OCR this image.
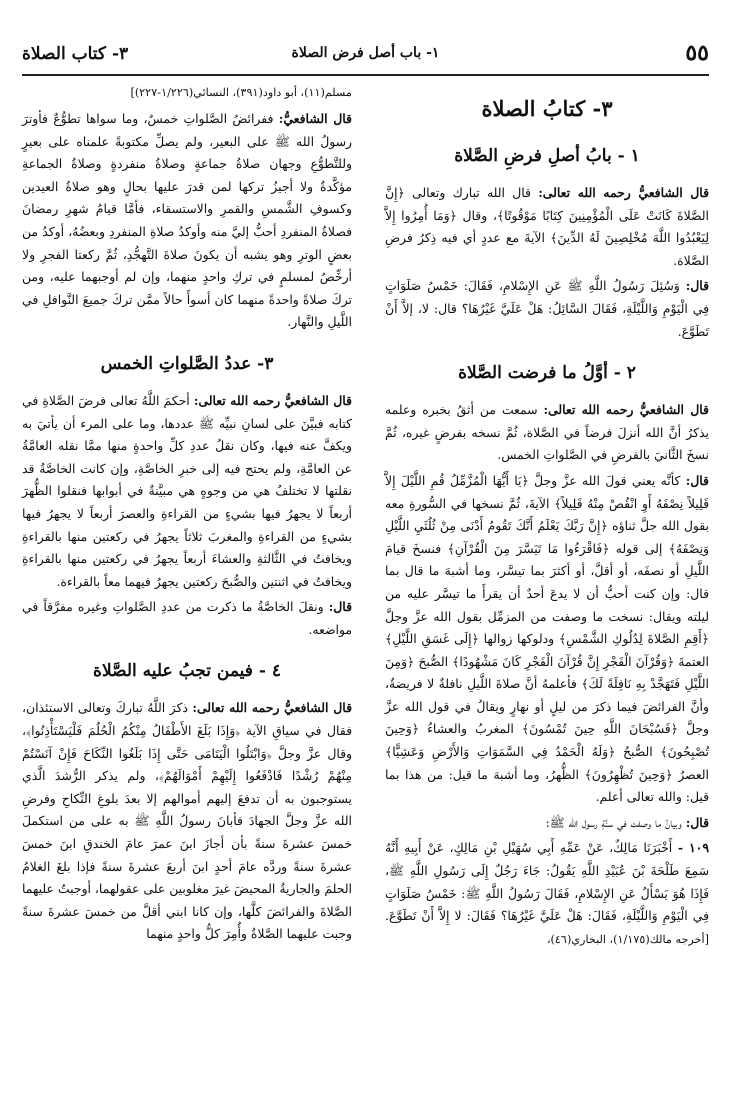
٣- كتاب الصلاة	١- باب أصل فرض الصلاة	٥٥
٣- كتابُ الصلاة
١ - بابُ أصلِ فرضِ الصَّلاة

قال الشافعيُّ رحمه الله تعالى: قال الله تبارك وتعالى ﴿إِنَّ الصَّلاةَ كَانَتْ عَلَى الْمُؤْمِنِينَ كِتَابًا مَوْقُوتًا﴾، وقال ﴿وَمَا أُمِرُوا إِلاَّ لِيَعْبُدُوا اللَّهَ مُخْلِصِينَ لَهُ الدِّينَ﴾ الآيةَ مع عددٍ أي فيه ذِكرُ فرضِ الصَّلاة.

قال: وَسُئِلَ رَسُولُ اللَّهِ ﷺ عَنِ الإِسْلامِ، فَقَالَ: خَمْسُ صَلَوَاتٍ فِي الْيَوْمِ وَاللَّيْلَةِ، فَقَالَ السَّائِلُ: هَلْ عَلَيَّ غَيْرُهَا؟ قال: لا، إلاَّ أَنْ تَطَوَّعَ.

٢ - أوَّلُ ما فرضت الصَّلاة

قال الشافعيُّ رحمه الله تعالى: سمعت من أثقُ بخبره وعلمه يذكرُ أنَّ الله أنزلَ فرضاً في الصَّلاة، ثُمَّ نسخه بفرضٍ غيره، ثُمَّ نسخَ الثَّانيَ بالفرضِ في الصَّلواتِ الخمس.

قال: كأنَّه يعني قولَ الله عزَّ وجلَّ ﴿يَا أَيُّهَا الْمُزَّمِّلُ قُمِ اللَّيْلَ إِلاَّ قَلِيلاً نِصْفَهُ أَوِ انْقُصْ مِنْهُ قَلِيلاً﴾ الآيةَ، ثُمَّ نسخها في السُّورةِ معه بقول الله جلَّ ثناؤه ﴿إِنَّ رَبَّكَ يَعْلَمُ أَنَّكَ تَقُومُ أَدْنَى مِنْ ثُلُثَيِ اللَّيْلِ وَنِصْفَهُ﴾ إلى قوله ﴿فَاقْرَءُوا مَا تَيَسَّرَ مِنَ الْقُرْآنِ﴾ فنسخَ قيامَ اللَّيلِ أو نصفَه، أو أقلَّ، أو أكثرَ بما تيسَّر، وما أشبهَ ما قال بما قال: وإن كنت أحبُّ أن لا يدعَ أحدٌ أن يقرأَ ما تيسَّر عليه من ليلته ويقال: نسخت ما وصفت من المزمِّل بقول الله عزَّ وجلَّ ﴿أَقِمِ الصَّلاةَ لِدُلُوكِ الشَّمْسِ﴾ ودلوكها زوالها ﴿إِلَى غَسَقِ اللَّيْلِ﴾ العتمةَ ﴿وَقُرْآنَ الْفَجْرِ إِنَّ قُرْآنَ الْفَجْرِ كَانَ مَشْهُودًا﴾ الصُّبحَ ﴿وَمِنَ اللَّيْلِ فَتَهَجَّدْ بِهِ نَافِلَةً لَكَ﴾ فأعلمهُ أنَّ صلاةَ اللَّيلِ نافلةٌ لا فريضةٌ، وأنَّ الفرائضَ فيما ذكرَ من ليلٍ أو نهارٍ ويقالُ في قول الله عزَّ وجلَّ ﴿فَسُبْحَانَ اللَّهِ حِينَ تُمْسُونَ﴾ المغربُ والعشاءُ ﴿وَحِينَ تُصْبِحُونَ﴾ الصُّبحُ ﴿وَلَهُ الْحَمْدُ فِي السَّمَوَاتِ وَالأَرْضِ وَعَشِيًّا﴾ العصرُ ﴿وَحِينَ تُظْهِرُونَ﴾ الظُّهرُ، وما أشبهَ ما قيل: من هذا بما قيل: والله تعالى أعلم.

قال: وبيانُ ما وصفت في سنَّةِ رسول الله ﷺ:

١٠٩ - أَخْبَرَنَا مَالِكٌ، عَنْ عَمِّهِ أَبِي سُهَيْلِ بْنِ مَالِكٍ، عَنْ أَبِيهِ أَنَّهُ سَمِعَ طَلْحَةَ بْنَ عُبَيْدِ اللَّهِ يَقُولُ: جَاءَ رَجُلٌ إِلَى رَسُولِ اللَّهِ ﷺ، فَإِذَا هُوَ يَسْأَلُ عَنِ الإِسْلامِ، فَقَالَ رَسُولُ اللَّهِ ﷺ: خَمْسُ صَلَوَاتٍ فِي الْيَوْمِ وَاللَّيْلَةِ، فَقَالَ: هَلْ عَلَيَّ غَيْرُهَا؟ فَقَالَ: لا إِلاَّ أَنْ تَطَوَّعَ. [أخرجه مالك(١/١٧٥)، البخاري(٤٦)،

مسلم(١١)، أبو داود(٣٩١)، النسائي(١/٢٢٦-٢٢٧)]

قال الشافعيُّ: ففرائضُ الصَّلواتِ خمسٌ، وما سواها تطوُّعٌ فأوترَ رسولُ الله ﷺ على البعير، ولم يصلِّ مكتوبةً علمناه على بعيرٍ وللتَّطوُّعِ وجهان صلاةُ جماعةٍ وصلاةُ منفردةٍ وصلاةُ الجماعةِ مؤكَّدةٌ ولا أجيزُ تركها لمن قدرَ عليها بحالٍ وهو صلاةُ العيدين وكسوفِ الشَّمسِ والقمرِ والاستسقاء، فأمَّا قيامُ شهرِ رمضانَ فصلاةُ المنفردِ أحبُّ إليَّ منه وأوكدُ صلاةِ المنفردِ وبعضُهُ، أوكدُ من بعضٍ الوترِ وهو يشبه أن يكونَ صلاةَ التَّهجُّدِ، ثُمَّ ركعتا الفجرِ ولا أرخِّصُ لمسلمٍ في تركِ واحدٍ منهما، وإن لم أوجبهما عليه، ومن تركَ صلاةً واحدةً منهما كان أسوأَ حالاً ممَّن تركَ جميعَ النَّوافلِ في اللَّيلِ والنَّهار.

٣- عددُ الصَّلواتِ الخمس

قال الشافعيُّ رحمه الله تعالى: أحكمَ اللَّهُ تعالى فرضَ الصَّلاةِ في كتابه فبيَّنَ على لسانِ نبيِّه ﷺ عددها، وما على المرء أن يأتيَ به ويكفَّ عنه فيها، وكان نقلُ عددِ كلِّ واحدةٍ منها ممَّا نقله العامَّةُ عن العامَّةِ، ولم يحتج فيه إلى خبرِ الخاصَّةِ، وإن كانت الخاصَّةُ قد نقلتها لا تختلفُ هي من وجوهٍ هي مبيَّنةٌ في أبوابها فنقلوا الظُّهرَ أربعاً لا يجهرُ فيها بشيءٍ من القراءةِ والعصرَ أربعاً لا يجهرُ فيها بشيءٍ من القراءةِ والمغربَ ثلاثاً يجهرُ في ركعتين منها بالقراءةِ ويخافتُ في الثَّالثةِ والعشاءَ أربعاً يجهرُ في ركعتين منها بالقراءةِ ويخافتُ في اثنتين والصُّبحَ ركعتين يجهرُ فيهما معاً بالقراءة.

قال: ونقلَ الخاصَّةُ ما ذكرت من عددِ الصَّلواتِ وغيره مفرَّقاً في مواضعه.

٤ - فيمن تجبُ عليه الصَّلاة

قال الشافعيُّ رحمه الله تعالى: ذكرَ اللَّهُ تباركَ وتعالى الاستئذان، فقال في سياقِ الآية ﴿وَإِذَا بَلَغَ الأَطْفَالُ مِنْكُمُ الْحُلُمَ فَلْيَسْتَأْذِنُوا﴾، وقال عزَّ وجلَّ ﴿وَابْتَلُوا الْيَتَامَى حَتَّى إِذَا بَلَغُوا النِّكَاحَ فَإِنْ آنَسْتُمْ مِنْهُمْ رُشْدًا فَادْفَعُوا إِلَيْهِمْ أَمْوَالَهُمْ﴾، ولم يذكر الرُّشدَ الَّذي يستوجبون به أن تدفعَ إليهم أموالهم إلا بعدَ بلوغِ النِّكاحِ وفرضِ الله عزَّ وجلَّ الجهادَ فأبانَ رسولُ اللَّهِ ﷺ به على من استكملَ خمسَ عشرةَ سنةً بأن أجازَ ابنَ عمرَ عامَ الخندقِ ابنَ خمسَ عشرةَ سنةً وردَّه عامَ أحدٍ ابنَ أربعَ عشرةَ سنةً فإذا بلغَ الغلامُ الحلمَ والجاريةُ المحيضَ غيرَ مغلوبين على عقولهما، أوجبتُ عليهما الصَّلاةَ والفرائضَ كلَّها، وإن كانا ابني أقلَّ من خمسَ عشرةَ سنةً وجبت عليهما الصَّلاةُ وأُمِرَ كلُّ واحدٍ منهما
